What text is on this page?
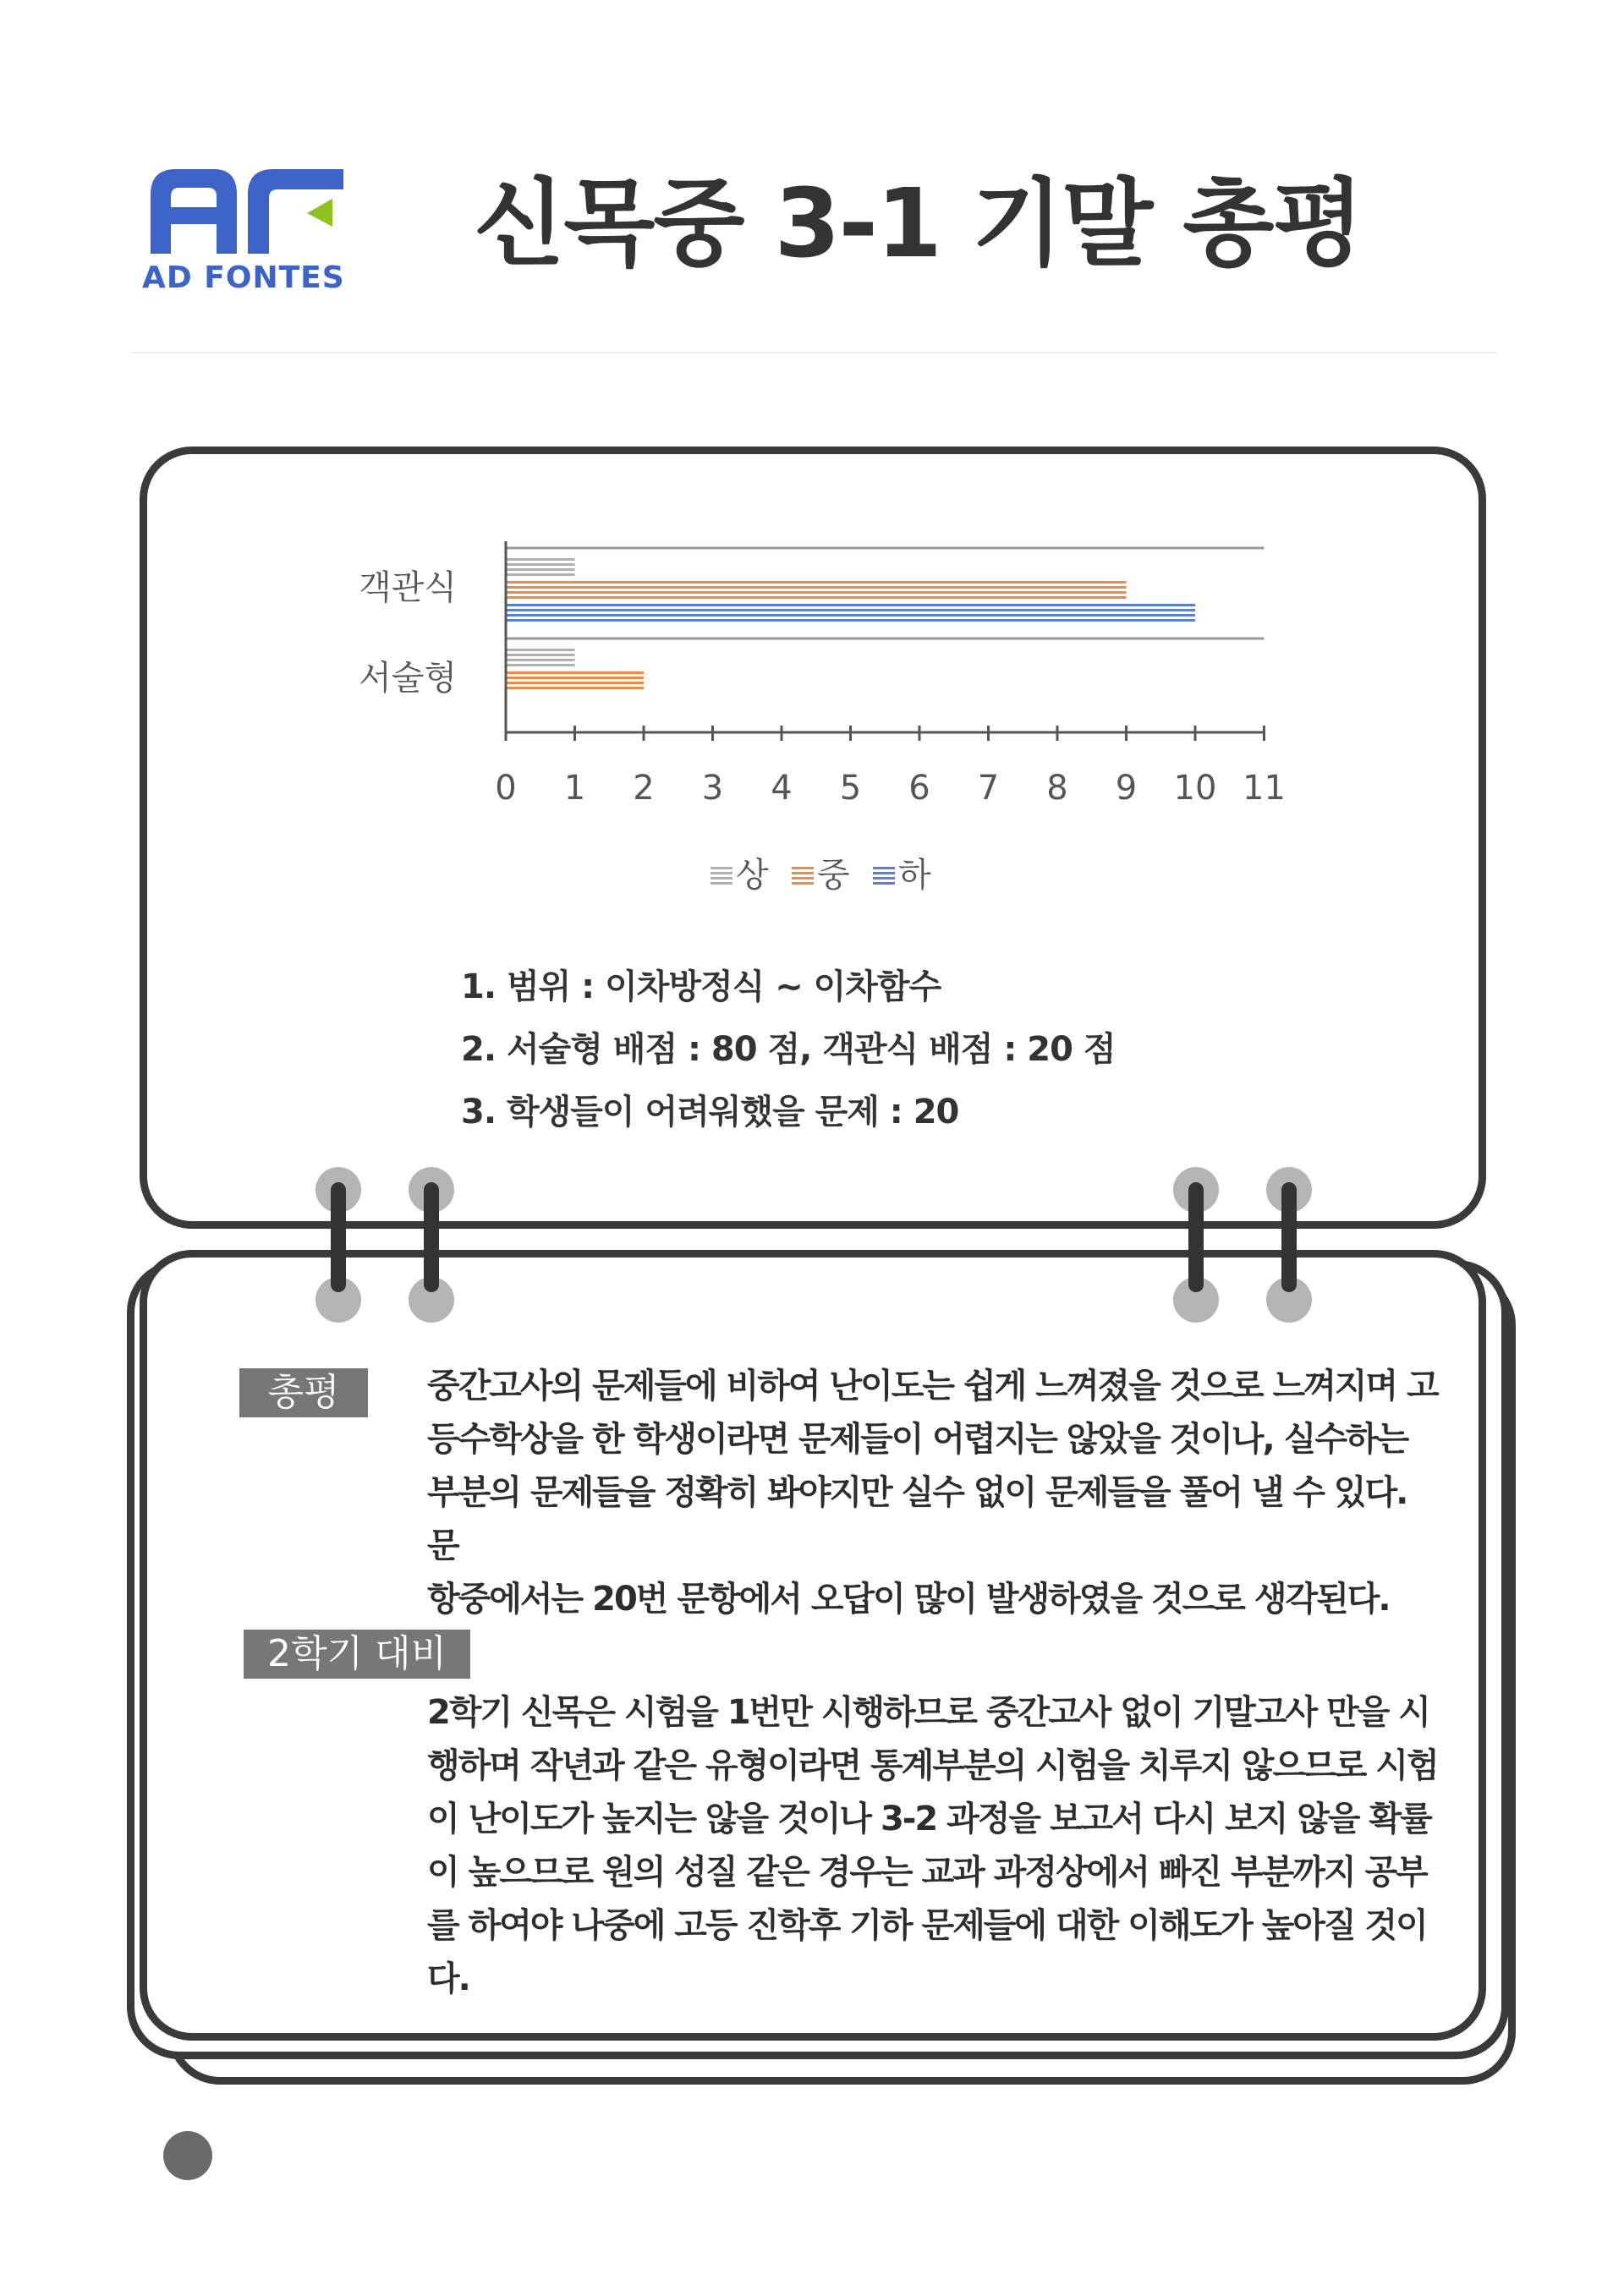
AD FONTES 신목중 3-1 기말 총평
객관식
서술형
0 1 2 3 4 5 6 7 8 9 10 11
상 중 하
1. 범위 : 이차방정식 ~ 이차함수
2. 서술형 배점 : 80 점, 객관식 배점 : 20 점
3. 학생들이 어려워했을 문제 : 20
총평	중간고사의 문제들에 비하여 난이도는 쉽게 느껴졌을 것으로 느껴지며 고
등수학상을 한 학생이라면 문제들이 어렵지는 않았을 것이나, 실수하는
부분의 문제들을 정확히 봐야지만 실수 없이 문제들을 풀어 낼 수 있다. 문
항중에서는 20번 문항에서 오답이 많이 발생하였을 것으로 생각된다.
2학기 대비
2학기 신목은 시험을 1번만 시행하므로 중간고사 없이 기말고사 만을 시
행하며 작년과 같은 유형이라면 통계부분의 시험을 치루지 않으므로 시험
이 난이도가 높지는 않을 것이나 3-2 과정을 보고서 다시 보지 않을 확률
이 높으므로 원의 성질 같은 경우는 교과 과정상에서 빠진 부분까지 공부
를 하여야 나중에 고등 진학후 기하 문제들에 대한 이해도가 높아질 것이
다.
